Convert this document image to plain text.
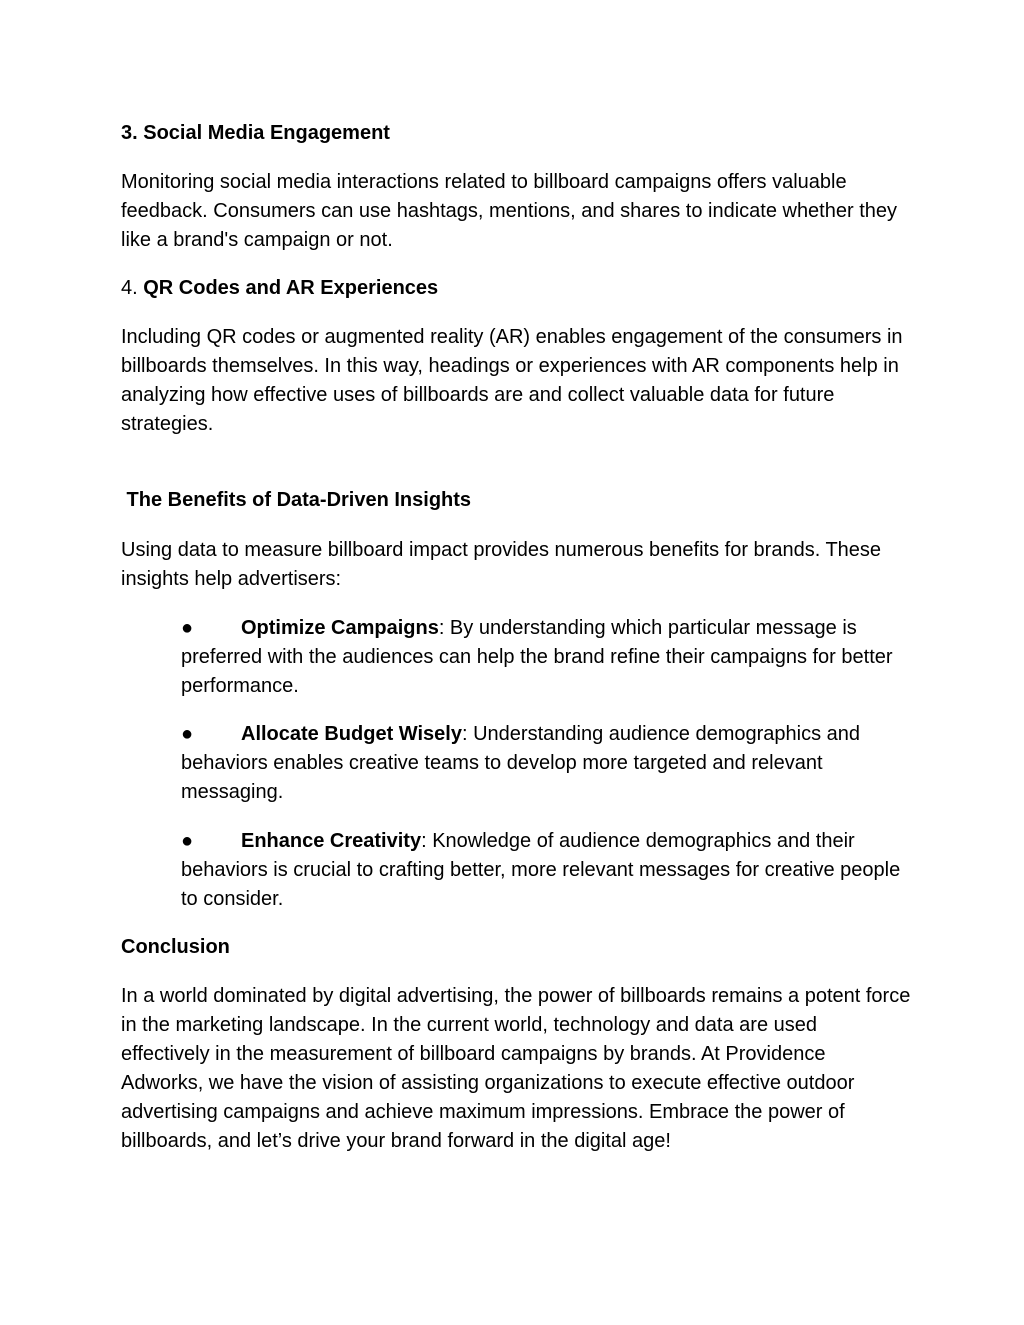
3. Social Media Engagement

Monitoring social media interactions related to billboard campaigns offers valuable feedback. Consumers can use hashtags, mentions, and shares to indicate whether they like a brand's campaign or not.

4. QR Codes and AR Experiences

Including QR codes or augmented reality (AR) enables engagement of the consumers in billboards themselves. In this way, headings or experiences with AR components help in analyzing how effective uses of billboards are and collect valuable data for future strategies.

The Benefits of Data-Driven Insights

Using data to measure billboard impact provides numerous benefits for brands. These insights help advertisers:

● Optimize Campaigns: By understanding which particular message is preferred with the audiences can help the brand refine their campaigns for better performance.

● Allocate Budget Wisely: Understanding audience demographics and behaviors enables creative teams to develop more targeted and relevant messaging.

● Enhance Creativity: Knowledge of audience demographics and their behaviors is crucial to crafting better, more relevant messages for creative people to consider.

Conclusion

In a world dominated by digital advertising, the power of billboards remains a potent force in the marketing landscape. In the current world, technology and data are used effectively in the measurement of billboard campaigns by brands. At Providence Adworks, we have the vision of assisting organizations to execute effective outdoor advertising campaigns and achieve maximum impressions. Embrace the power of billboards, and let’s drive your brand forward in the digital age!
